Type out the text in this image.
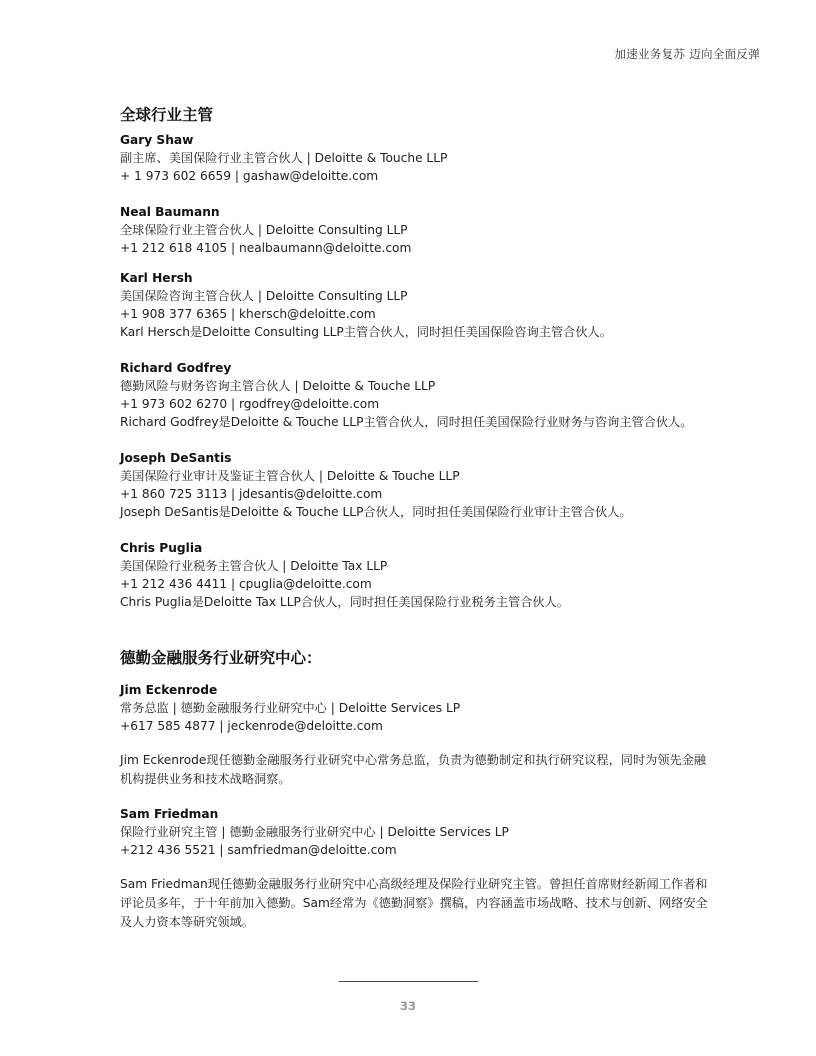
加速业务复苏 迈向全面反弹
全球行业主管
Gary Shaw
副主席、美国保险行业主管合伙人 | Deloitte & Touche LLP
+ 1 973 602 6659 | gashaw@deloitte.com
Neal Baumann
全球保险行业主管合伙人 | Deloitte Consulting LLP
+1 212 618 4105 | nealbaumann@deloitte.com
Karl Hersh
美国保险咨询主管合伙人 | Deloitte Consulting LLP
+1 908 377 6365 | khersch@deloitte.com
Karl Hersch是Deloitte Consulting LLP主管合伙人，同时担任美国保险咨询主管合伙人。
Richard Godfrey
德勤风险与财务咨询主管合伙人 | Deloitte & Touche LLP
+1 973 602 6270 | rgodfrey@deloitte.com
Richard Godfrey是Deloitte & Touche LLP主管合伙人，同时担任美国保险行业财务与咨询主管合伙人。
Joseph DeSantis
美国保险行业审计及鉴证主管合伙人 | Deloitte & Touche LLP
+1 860 725 3113 | jdesantis@deloitte.com
Joseph DeSantis是Deloitte & Touche LLP合伙人，同时担任美国保险行业审计主管合伙人。
Chris Puglia
美国保险行业税务主管合伙人 | Deloitte Tax LLP
+1 212 436 4411 | cpuglia@deloitte.com
Chris Puglia是Deloitte Tax LLP合伙人，同时担任美国保险行业税务主管合伙人。
德勤金融服务行业研究中心：
Jim Eckenrode
常务总监 | 德勤金融服务行业研究中心 | Deloitte Services LP
+617 585 4877 | jeckenrode@deloitte.com
Jim Eckenrode现任德勤金融服务行业研究中心常务总监，负责为德勤制定和执行研究议程，同时为领先金融机构提供业务和技术战略洞察。
Sam Friedman
保险行业研究主管 | 德勤金融服务行业研究中心 | Deloitte Services LP
+212 436 5521 | samfriedman@deloitte.com
Sam Friedman现任德勤金融服务行业研究中心高级经理及保险行业研究主管。曾担任首席财经新闻工作者和评论员多年，于十年前加入德勤。Sam经常为《德勤洞察》撰稿，内容涵盖市场战略、技术与创新、网络安全及人力资本等研究领域。
33
